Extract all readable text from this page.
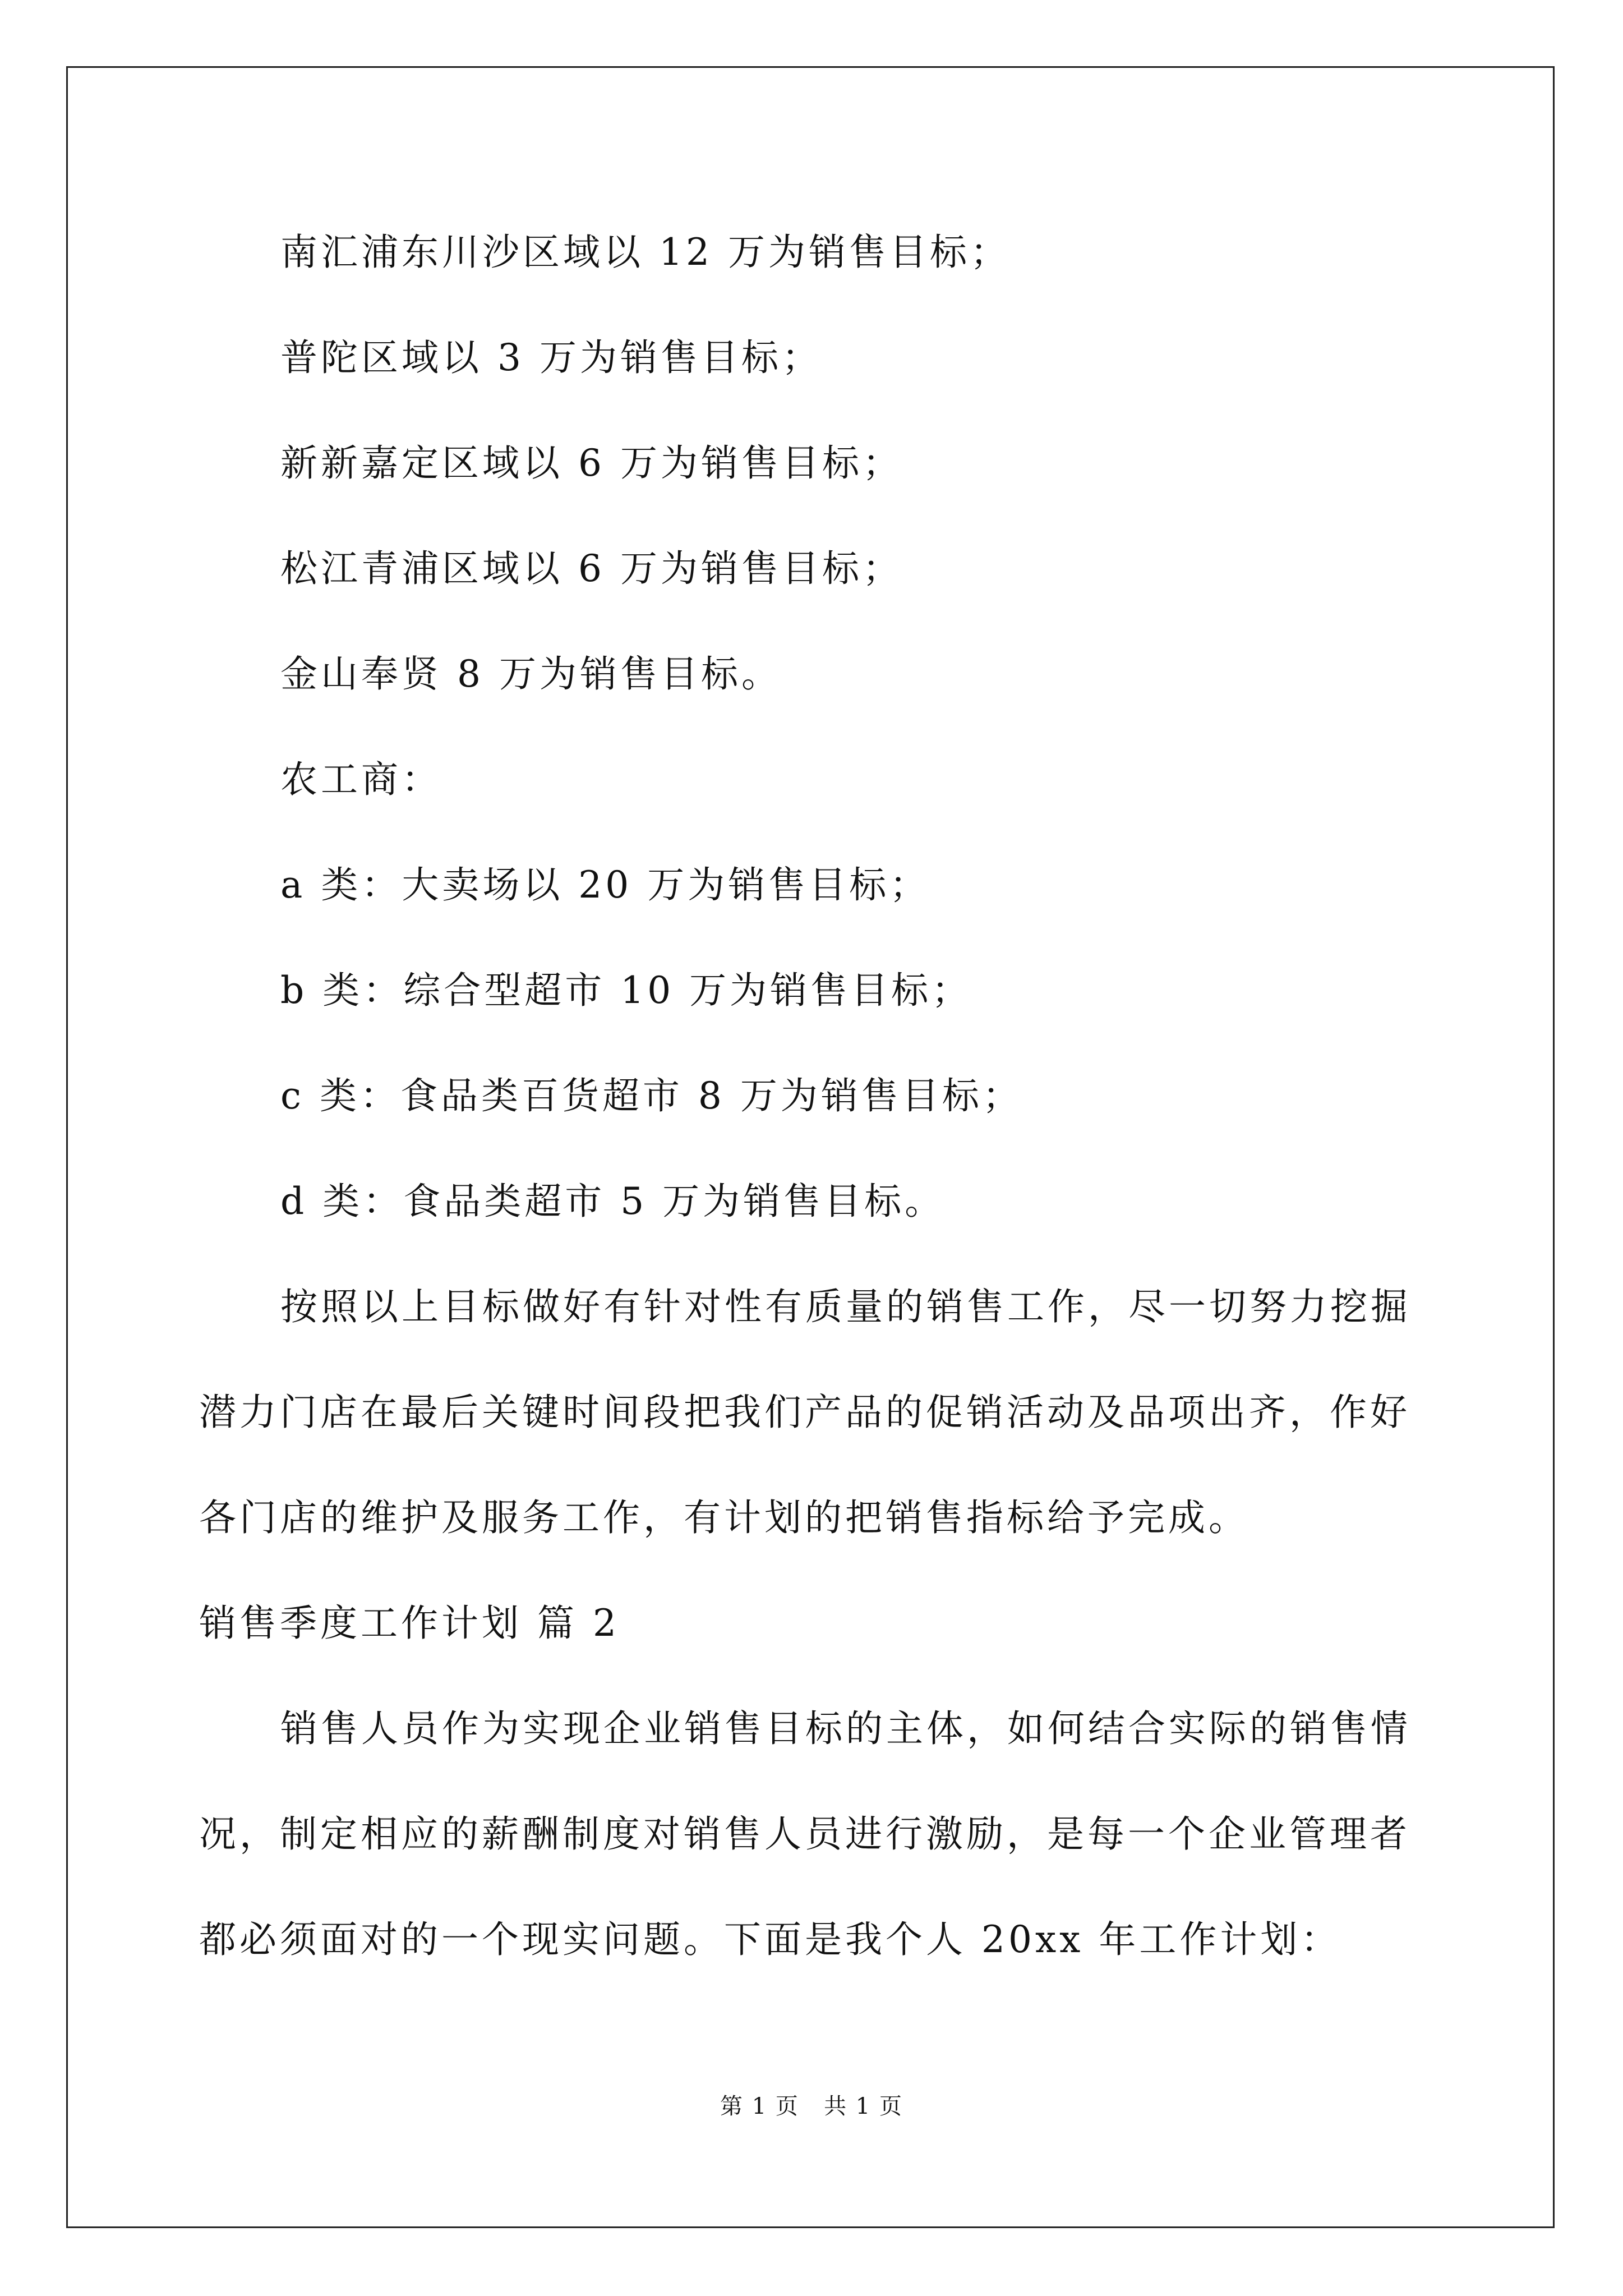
南汇浦东川沙区域以 12 万为销售目标；
普陀区域以 3 万为销售目标；
新新嘉定区域以 6 万为销售目标；
松江青浦区域以 6 万为销售目标；
金山奉贤 8 万为销售目标。
农工商：
a 类：大卖场以 20 万为销售目标；
b 类：综合型超市 10 万为销售目标；
c 类：食品类百货超市 8 万为销售目标；
d 类：食品类超市 5 万为销售目标。
按照以上目标做好有针对性有质量的销售工作，尽一切努力挖掘
潜力门店在最后关键时间段把我们产品的促销活动及品项出齐，作好
各门店的维护及服务工作，有计划的把销售指标给予完成。
销售季度工作计划 篇 2
销售人员作为实现企业销售目标的主体，如何结合实际的销售情
况，制定相应的薪酬制度对销售人员进行激励，是每一个企业管理者
都必须面对的一个现实问题。下面是我个人 20xx 年工作计划：
第 1 页   共 1 页
